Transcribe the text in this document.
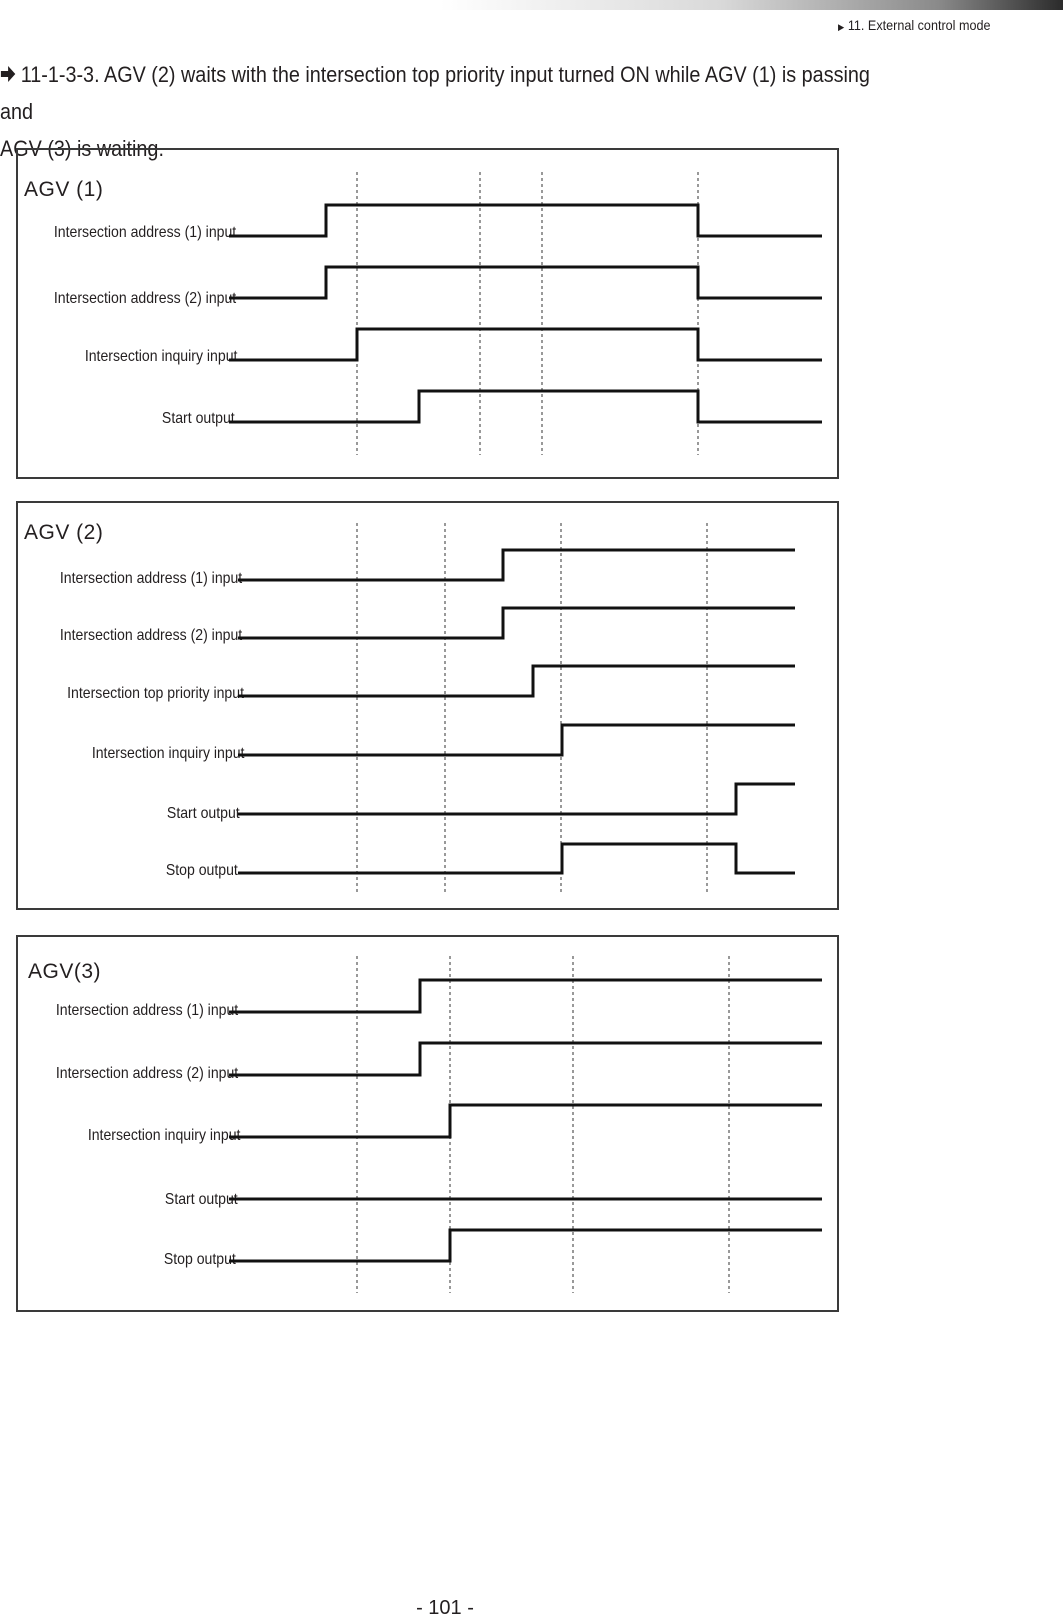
▶ 11. External control mode
11-1-3-3. AGV (2) waits with the intersection top priority input turned ON while AGV (1) is passing and
AGV (3) is waiting.
AGV (1)
Intersection address (1) input
Intersection address (2) input
Intersection inquiry input
Start output
AGV (2)
Intersection address (1) input
Intersection address (2) input
Intersection top priority input
Intersection inquiry input
Start output
Stop output
AGV(3)
Intersection address (1) input
Intersection address (2) input
Intersection inquiry input
Start output
Stop output
- 101 -
